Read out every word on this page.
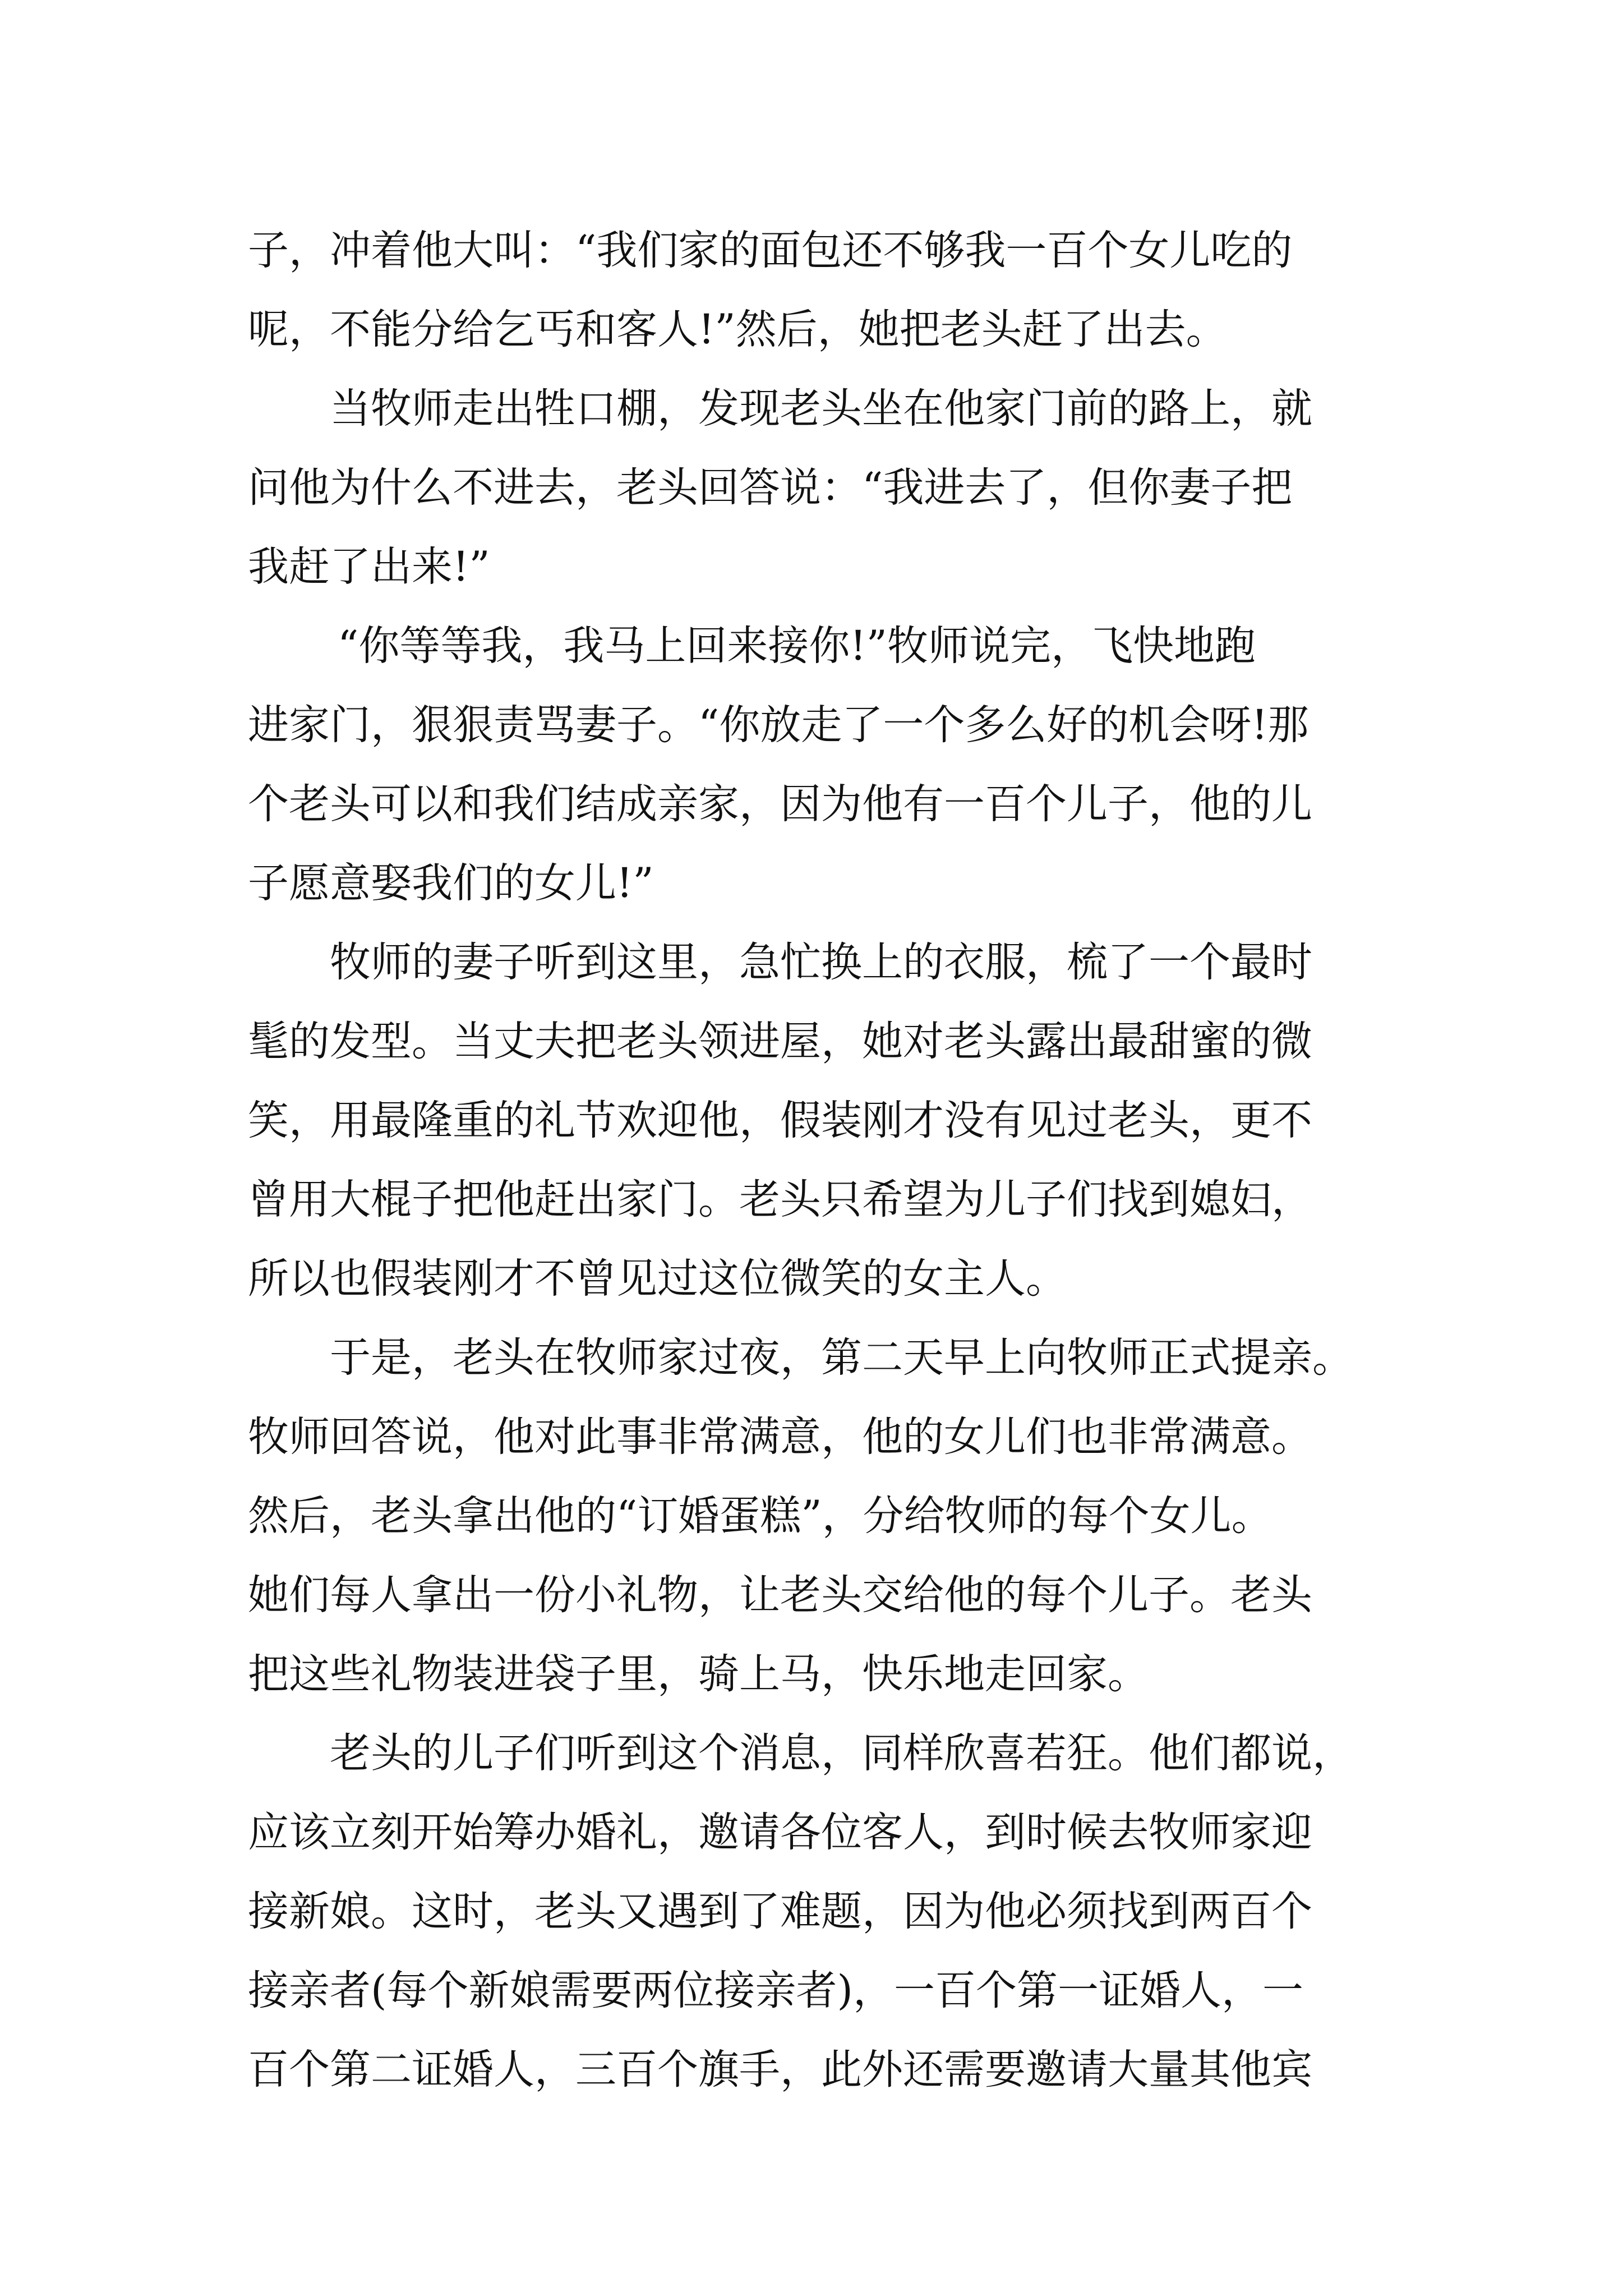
子，冲着他大叫：“我们家的面包还不够我一百个女儿吃的
呢，不能分给乞丐和客人!”然后，她把老头赶了出去。
当牧师走出牲口棚，发现老头坐在他家门前的路上，就
问他为什么不进去，老头回答说：“我进去了，但你妻子把
我赶了出来!”
“你等等我，我马上回来接你!”牧师说完，飞快地跑
进家门，狠狠责骂妻子。“你放走了一个多么好的机会呀!那
个老头可以和我们结成亲家，因为他有一百个儿子，他的儿
子愿意娶我们的女儿!”
牧师的妻子听到这里，急忙换上的衣服，梳了一个最时
髦的发型。当丈夫把老头领进屋，她对老头露出最甜蜜的微
笑，用最隆重的礼节欢迎他，假装刚才没有见过老头，更不
曾用大棍子把他赶出家门。老头只希望为儿子们找到媳妇，
所以也假装刚才不曾见过这位微笑的女主人。
于是，老头在牧师家过夜，第二天早上向牧师正式提亲。
牧师回答说，他对此事非常满意，他的女儿们也非常满意。
然后，老头拿出他的“订婚蛋糕”，分给牧师的每个女儿。
她们每人拿出一份小礼物，让老头交给他的每个儿子。老头
把这些礼物装进袋子里，骑上马，快乐地走回家。
老头的儿子们听到这个消息，同样欣喜若狂。他们都说，
应该立刻开始筹办婚礼，邀请各位客人，到时候去牧师家迎
接新娘。这时，老头又遇到了难题，因为他必须找到两百个
接亲者(每个新娘需要两位接亲者)，一百个第一证婚人，一
百个第二证婚人，三百个旗手，此外还需要邀请大量其他宾
